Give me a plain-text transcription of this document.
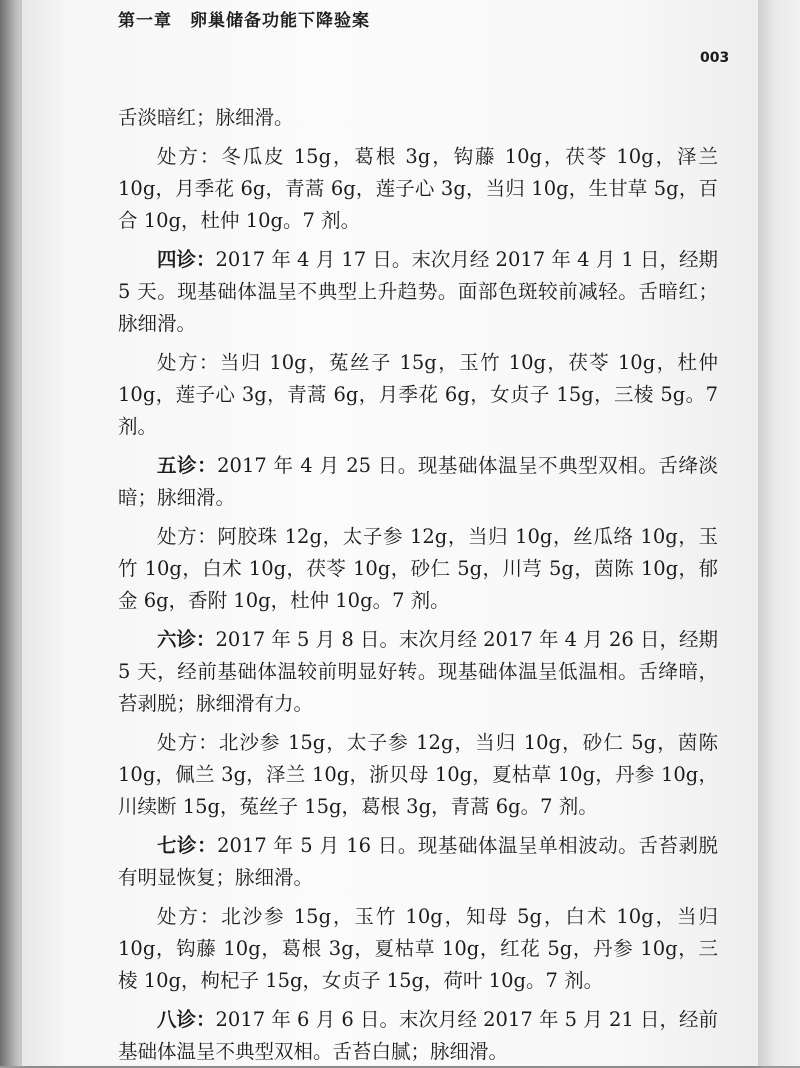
第一章 卵巢储备功能下降验案
003

舌淡暗红；脉细滑。

处方：冬瓜皮 15g，葛根 3g，钩藤 10g，茯苓 10g，泽兰 10g，月季花 6g，青蒿 6g，莲子心 3g，当归 10g，生甘草 5g，百合 10g，杜仲 10g。7 剂。

四诊：2017 年 4 月 17 日。末次月经 2017 年 4 月 1 日，经期 5 天。现基础体温呈不典型上升趋势。面部色斑较前减轻。舌暗红；脉细滑。

处方：当归 10g，菟丝子 15g，玉竹 10g，茯苓 10g，杜仲 10g，莲子心 3g，青蒿 6g，月季花 6g，女贞子 15g，三棱 5g。7 剂。

五诊：2017 年 4 月 25 日。现基础体温呈不典型双相。舌绛淡暗；脉细滑。

处方：阿胶珠 12g，太子参 12g，当归 10g，丝瓜络 10g，玉竹 10g，白术 10g，茯苓 10g，砂仁 5g，川芎 5g，茵陈 10g，郁金 6g，香附 10g，杜仲 10g。7 剂。

六诊：2017 年 5 月 8 日。末次月经 2017 年 4 月 26 日，经期 5 天，经前基础体温较前明显好转。现基础体温呈低温相。舌绛暗，苔剥脱；脉细滑有力。

处方：北沙参 15g，太子参 12g，当归 10g，砂仁 5g，茵陈 10g，佩兰 3g，泽兰 10g，浙贝母 10g，夏枯草 10g，丹参 10g，川续断 15g，菟丝子 15g，葛根 3g，青蒿 6g。7 剂。

七诊：2017 年 5 月 16 日。现基础体温呈单相波动。舌苔剥脱有明显恢复；脉细滑。

处方：北沙参 15g，玉竹 10g，知母 5g，白术 10g，当归 10g，钩藤 10g，葛根 3g，夏枯草 10g，红花 5g，丹参 10g，三棱 10g，枸杞子 15g，女贞子 15g，荷叶 10g。7 剂。

八诊：2017 年 6 月 6 日。末次月经 2017 年 5 月 21 日，经前基础体温呈不典型双相。舌苔白腻；脉细滑。
